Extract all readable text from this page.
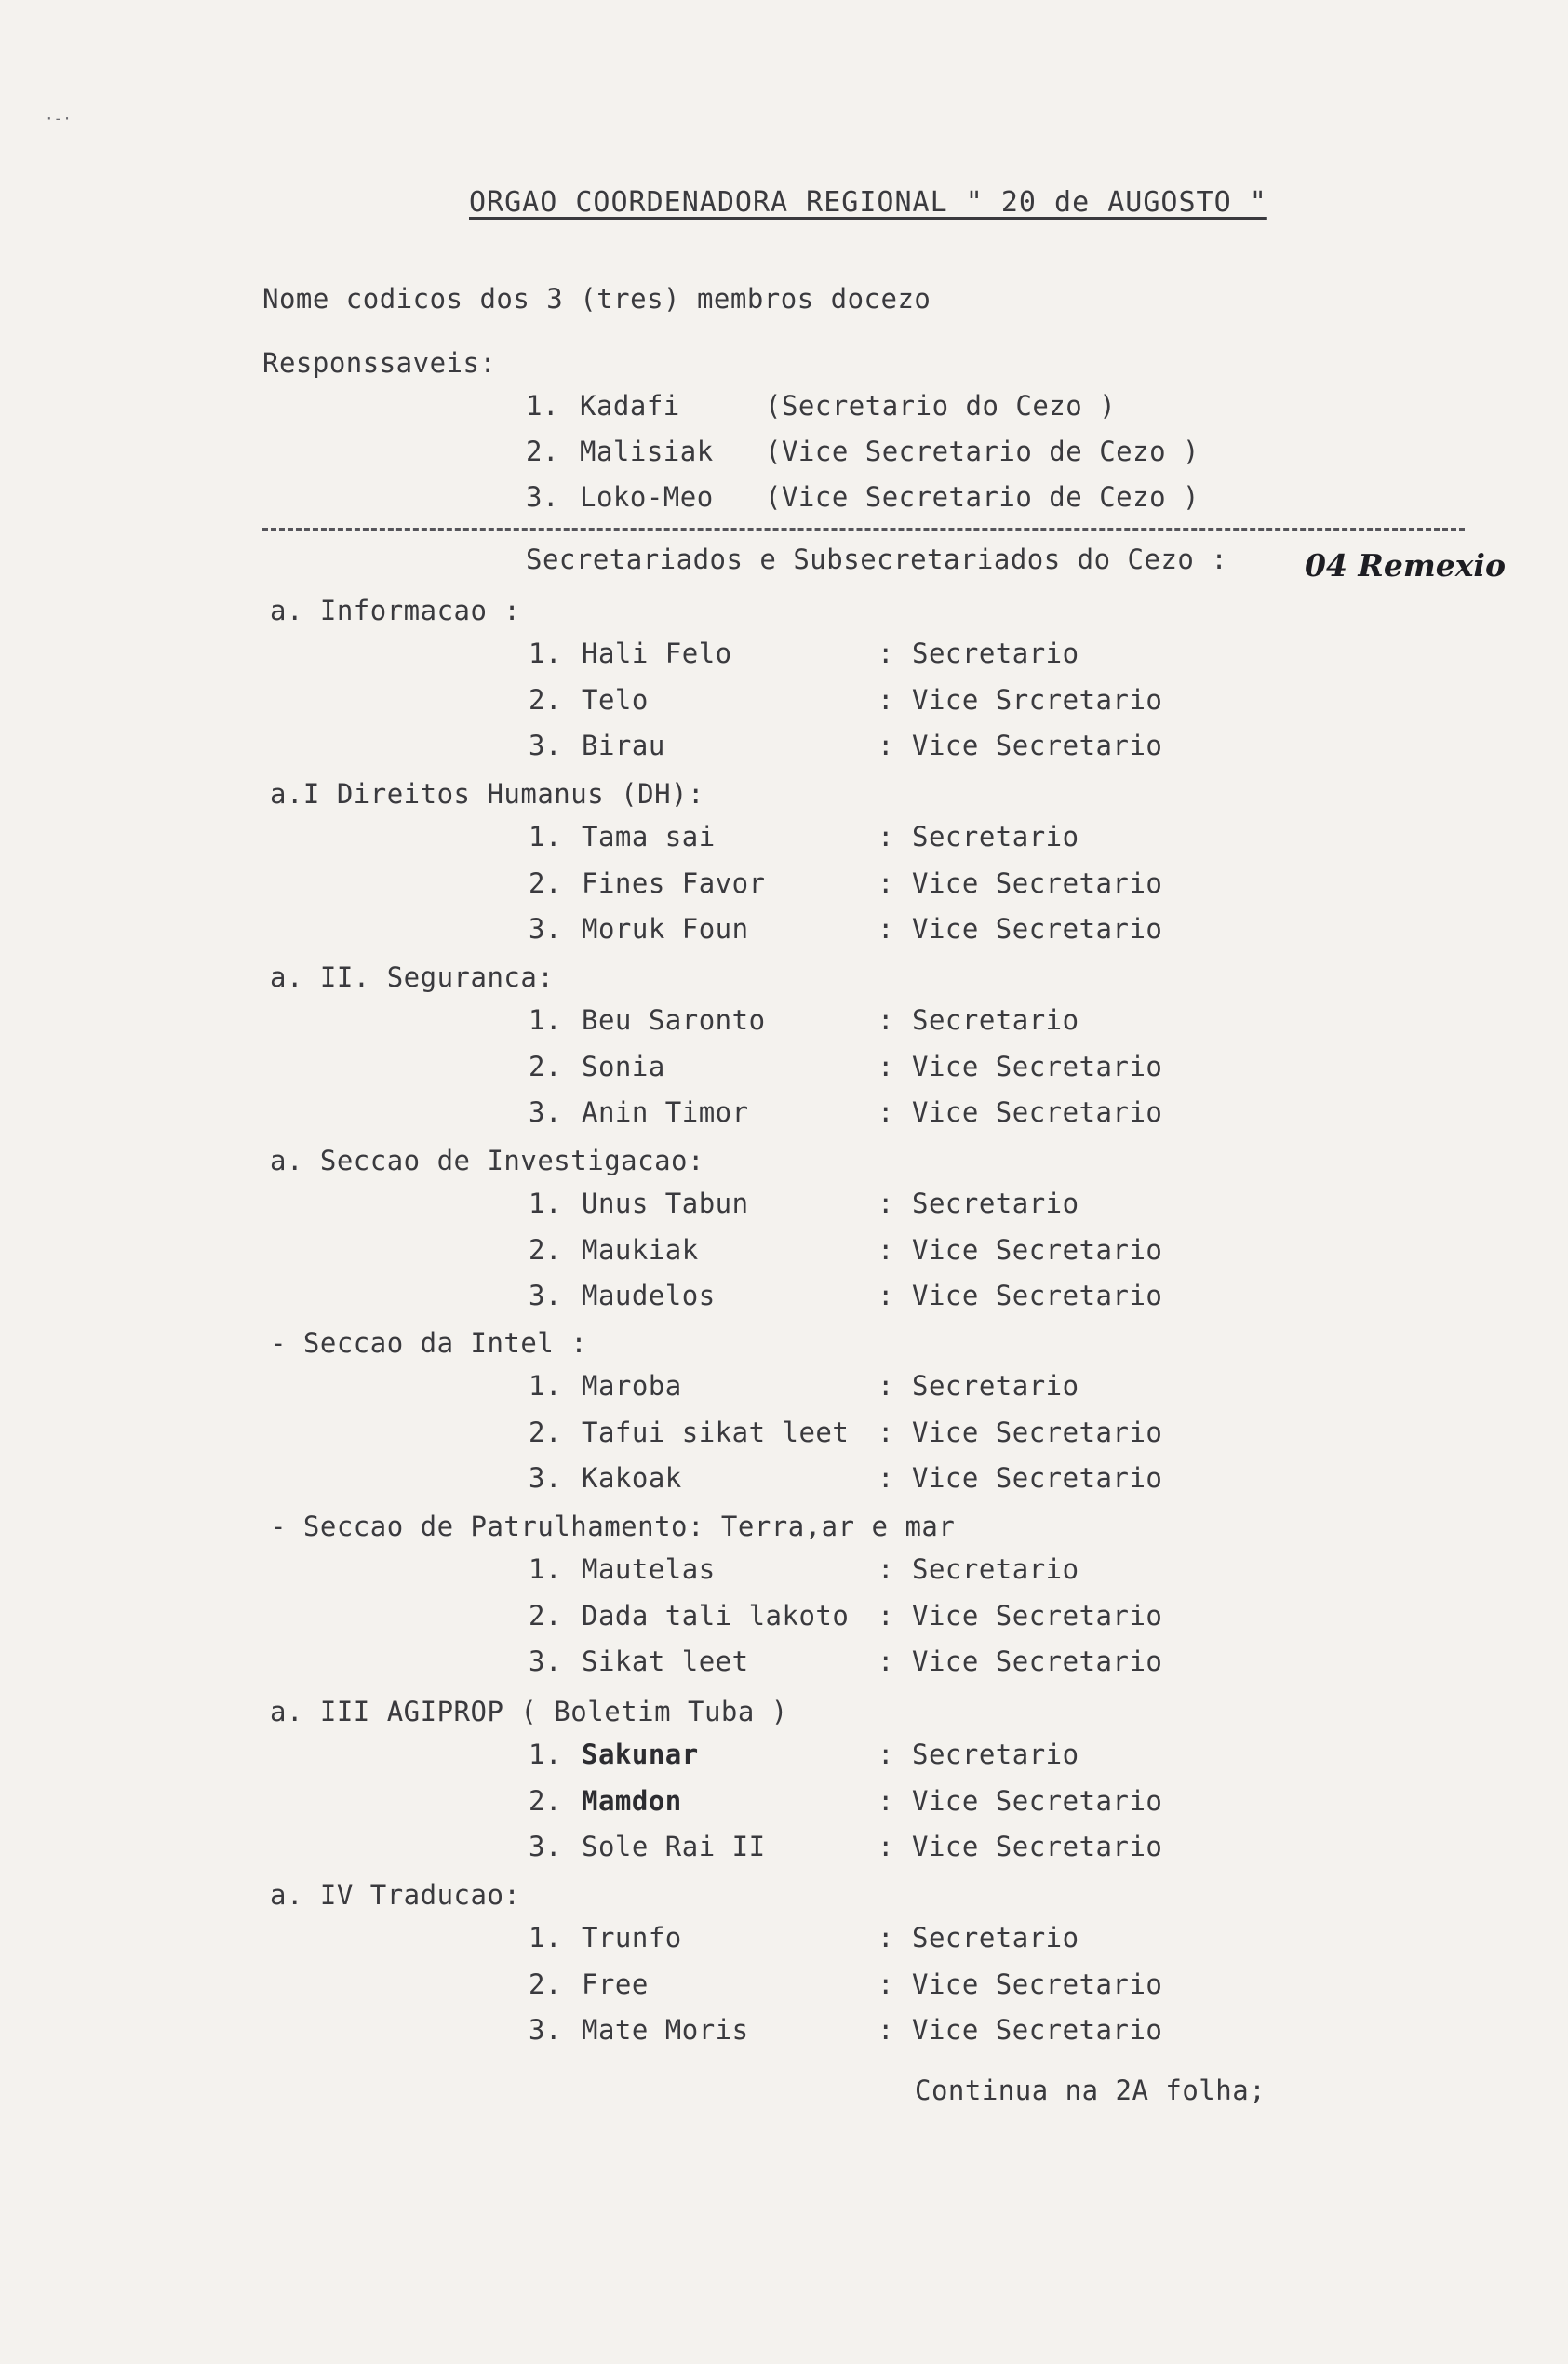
·-·
ORGAO COORDENADORA REGIONAL " 20 de AUGOSTO "
Nome codicos dos 3 (tres) membros docezo
Responssaveis:
1. Kadafi	(Secretario do Cezo )
2. Malisiak (Vice Secretario de Cezo )
3. Loko-Meo (Vice Secretario de Cezo )
Secretariados e Subsecretariados do Cezo :	04 Remexio
a. Informacao :
1. Hali Felo	: Secretario
2. Telo	: Vice Srcretario
3. Birau	: Vice Secretario
a.I Direitos Humanus (DH):
1. Tama sai	: Secretario
2. Fines Favor	: Vice Secretario
3. Moruk Foun	: Vice Secretario
a. II. Seguranca:
1. Beu Saronto	: Secretario
2. Sonia	: Vice Secretario
3. Anin Timor	: Vice Secretario
a. Seccao de Investigacao:
1. Unus Tabun	: Secretario
2. Maukiak	: Vice Secretario
3. Maudelos	: Vice Secretario
- Seccao da Intel :
1. Maroba	: Secretario
2. Tafui sikat leet : Vice Secretario
3. Kakoak	: Vice Secretario
- Seccao de Patrulhamento: Terra,ar e mar
1. Mautelas	: Secretario
2. Dada tali lakoto : Vice Secretario
3. Sikat leet	: Vice Secretario
a. III AGIPROP ( Boletim Tuba )
1. Sakunar	: Secretario
2. Mamdon	: Vice Secretario
3. Sole Rai II	: Vice Secretario
a. IV Traducao:
1. Trunfo	: Secretario
2. Free	: Vice Secretario
3. Mate Moris	: Vice Secretario
Continua na 2A folha;
